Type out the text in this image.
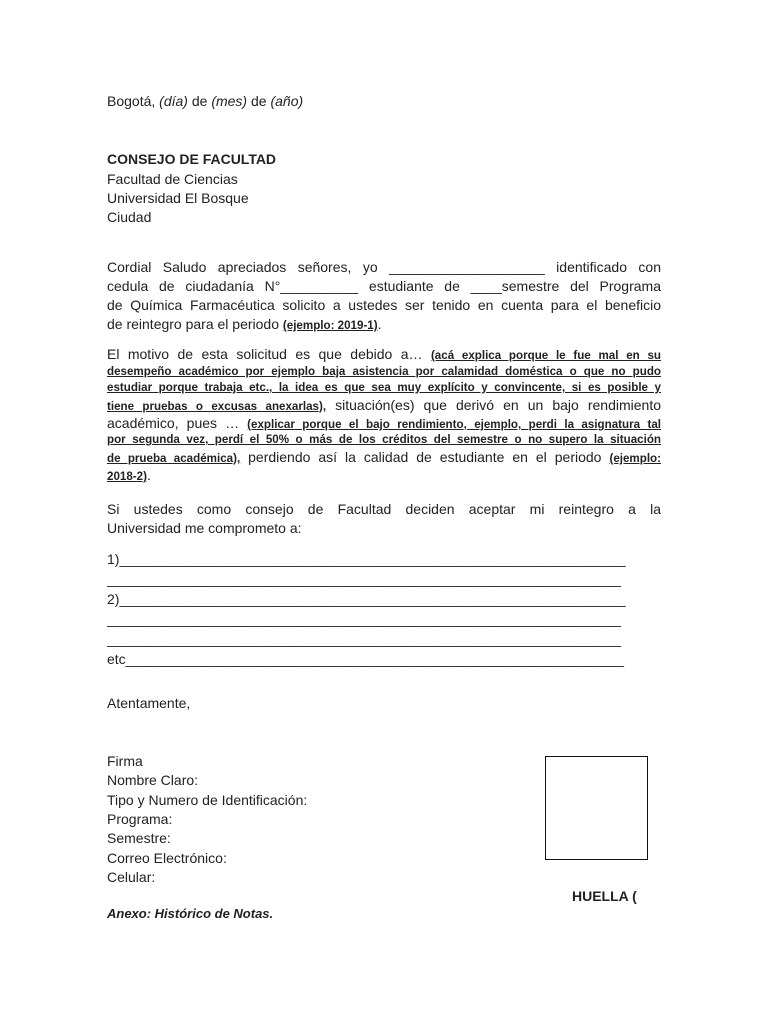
Bogotá, (día) de (mes) de (año)
CONSEJO DE FACULTAD
Facultad de Ciencias
Universidad El Bosque
Ciudad
Cordial Saludo apreciados señores, yo ____________________ identificado con
cedula de ciudadanía N°__________ estudiante de ____semestre del Programa
de Química Farmacéutica solicito a ustedes ser tenido en cuenta para el beneficio
de reintegro para el periodo (ejemplo: 2019-1).
El motivo de esta solicitud es que debido a… (acá explica porque le fue mal en su
desempeño académico por ejemplo baja asistencia por calamidad doméstica o que no pudo
estudiar porque trabaja etc., la idea es que sea muy explícito y convincente, si es posible y
tiene pruebas o excusas anexarlas), situación(es) que derivó en un bajo rendimiento
académico, pues … (explicar porque el bajo rendimiento, ejemplo, perdi la asignatura tal
por segunda vez, perdí el 50% o más de los créditos del semestre o no supero la situación
de prueba académica), perdiendo así la calidad de estudiante en el periodo (ejemplo:
2018-2).
Si ustedes como consejo de Facultad deciden aceptar mi reintegro a la
Universidad me comprometo a:
1)_________________________________________________________________
__________________________________________________________________
2)_________________________________________________________________
__________________________________________________________________
__________________________________________________________________
etc________________________________________________________________
Atentamente,
Firma
Nombre Claro:
Tipo y Numero de Identificación:
Programa:
Semestre:
Correo Electrónico:
Celular:
HUELLA (
Anexo: Histórico de Notas.
